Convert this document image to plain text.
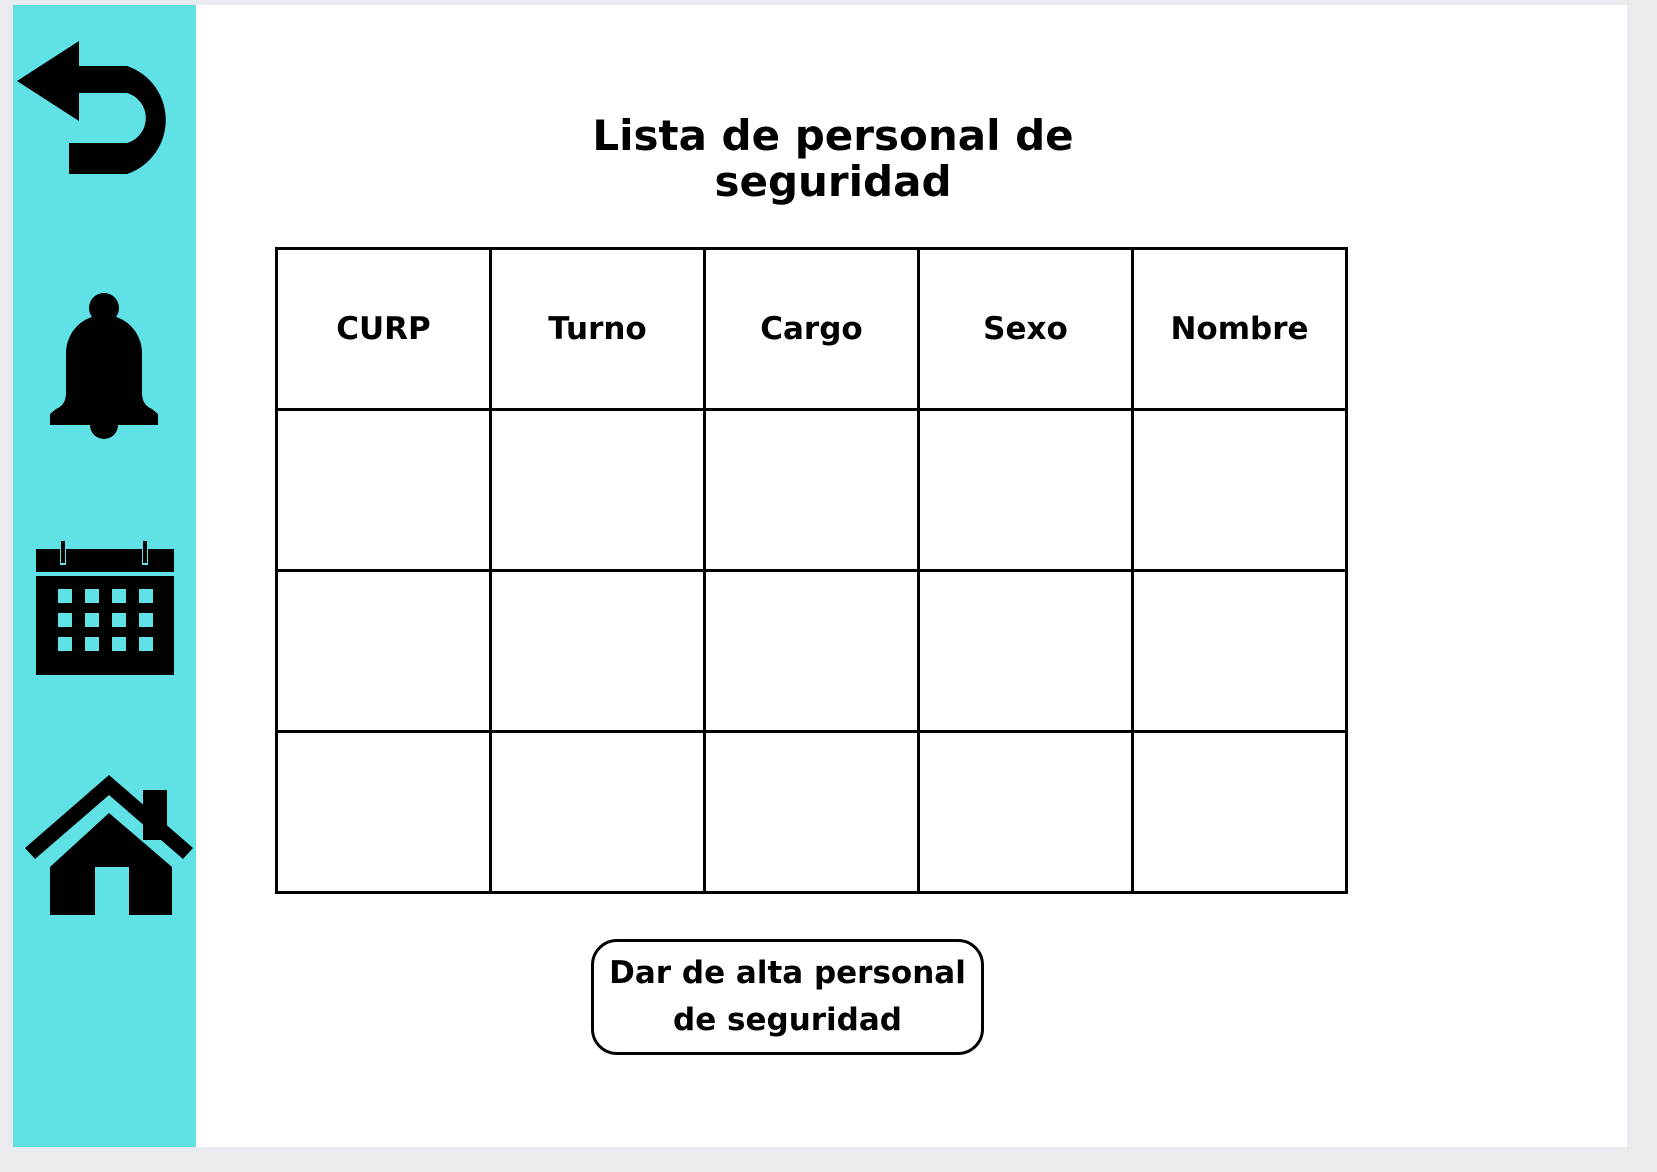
Lista de personal de
seguridad
CURP	Turno	Cargo	Sexo	Nombre

Dar de alta personal
de seguridad
